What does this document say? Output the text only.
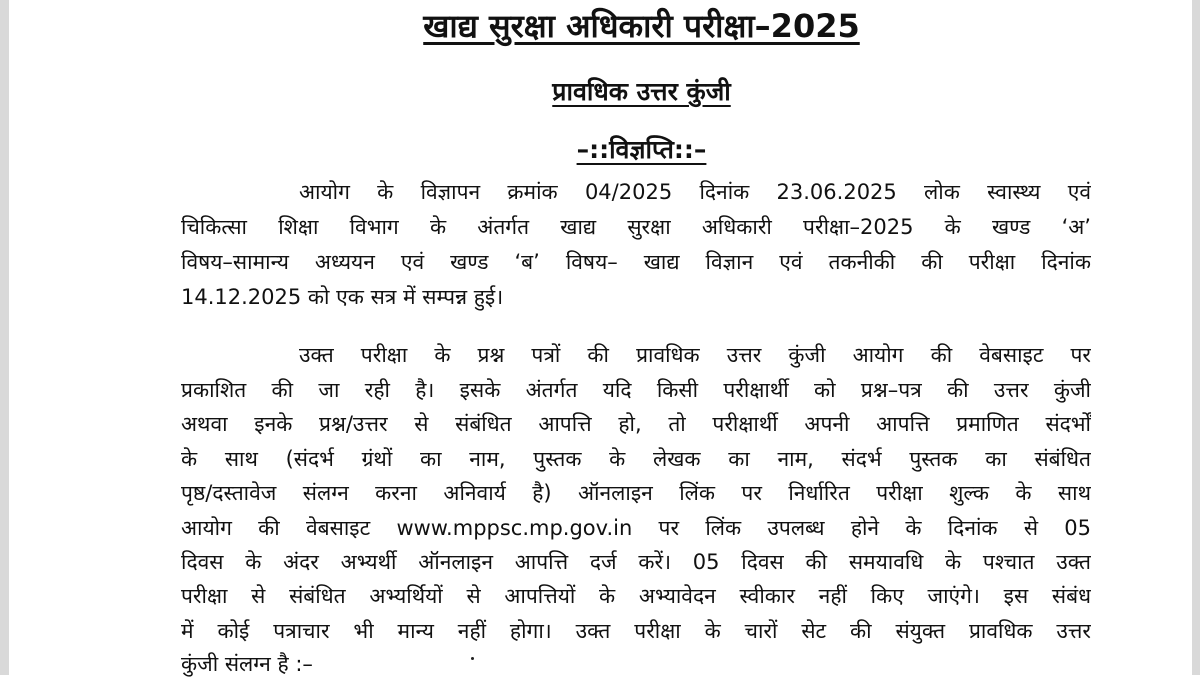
खाद्य सुरक्षा अधिकारी परीक्षा–2025
प्रावधिक उत्तर कुंजी
–::विज्ञप्ति::–
आयोग के विज्ञापन क्रमांक 04/2025 दिनांक 23.06.2025 लोक स्वास्थ्य एवं
चिकित्सा शिक्षा विभाग के अंतर्गत खाद्य सुरक्षा अधिकारी परीक्षा–2025 के खण्ड ‘अ’
विषय–सामान्य अध्ययन एवं खण्ड ‘ब’ विषय– खाद्य विज्ञान एवं तकनीकी की परीक्षा दिनांक
14.12.2025 को एक सत्र में सम्पन्न हुई।
उक्त परीक्षा के प्रश्न पत्रों की प्रावधिक उत्तर कुंजी आयोग की वेबसाइट पर
प्रकाशित की जा रही है। इसके अंतर्गत यदि किसी परीक्षार्थी को प्रश्न–पत्र की उत्तर कुंजी
अथवा इनके प्रश्न/उत्तर से संबंधित आपत्ति हो, तो परीक्षार्थी अपनी आपत्ति प्रमाणित संदर्भों
के साथ (संदर्भ ग्रंथों का नाम, पुस्तक के लेखक का नाम, संदर्भ पुस्तक का संबंधित
पृष्ठ/दस्तावेज संलग्न करना अनिवार्य है) ऑनलाइन लिंक पर निर्धारित परीक्षा शुल्क के साथ
आयोग की वेबसाइट www.mppsc.mp.gov.in पर लिंक उपलब्ध होने के दिनांक से 05
दिवस के अंदर अभ्यर्थी ऑनलाइन आपत्ति दर्ज करें। 05 दिवस की समयावधि के पश्चात उक्त
परीक्षा से संबंधित अभ्यर्थियों से आपत्तियों के अभ्यावेदन स्वीकार नहीं किए जाएंगे। इस संबंध
में कोई पत्राचार भी मान्य नहीं होगा। उक्त परीक्षा के चारों सेट की संयुक्त प्रावधिक उत्तर
कुंजी संलग्न है :–
